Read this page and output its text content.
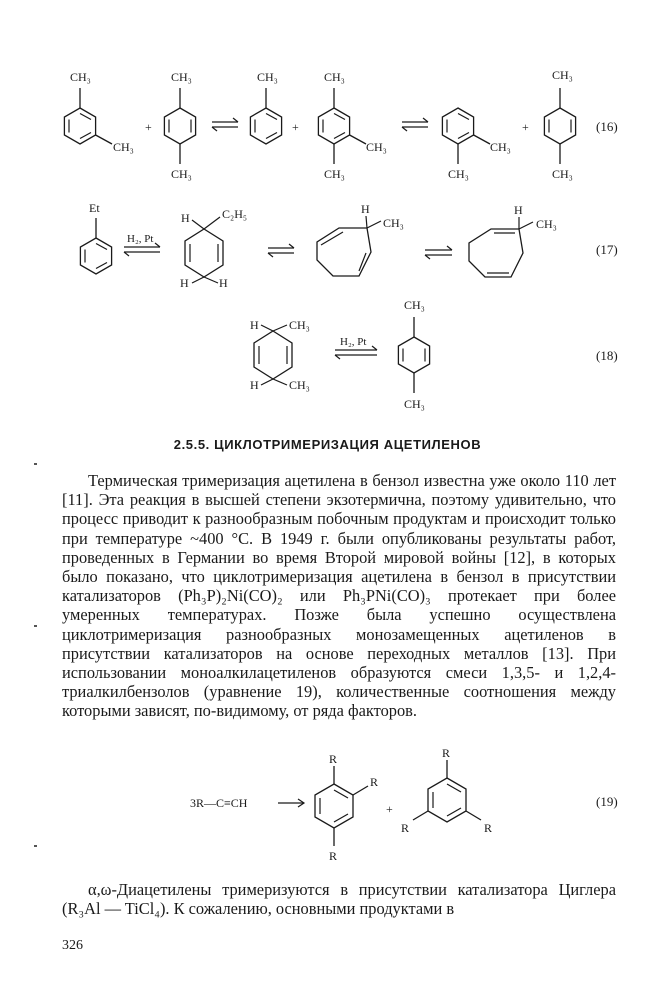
CH₃
CH₃
+
CH₃
CH₃
CH₃
+
CH₃
CH₃
CH₃
CH₃
CH₃
+
CH₃
CH₃
(16)
Et
H₂, Pt
H	C₂H₅
H	H
H
CH₃
H
CH₃
(17)
H	CH₃
H	CH₃
H₂, Pt
CH₃
CH₃
(18)
2.5.5. ЦИКЛОТРИМЕРИЗАЦИЯ АЦЕТИЛЕНОВ
Термическая тримеризация ацетилена в бензол известна уже около 110 лет [11]. Эта реакция в высшей степени экзотермична, поэтому удивительно, что процесс приводит к разнообразным побочным продуктам и происходит только при температуре ~400 °C. В 1949 г. были опубликованы результаты работ, проведенных в Германии во время Второй мировой войны [12], в которых было показано, что циклотримеризация ацетилена в бензол в присутствии катализаторов (Ph₃P)₂Ni(CO)₂ или Ph₃PNi(CO)₃ протекает при более умеренных температурах. Позже была успешно осуществлена циклотримеризация разнообразных монозамещенных ацетиленов в присутствии катализаторов на основе переходных металлов [13]. При использовании моноалкилацетиленов образуются смеси 1,3,5- и 1,2,4-триалкилбензолов (уравнение 19), количественные соотношения между которыми зависят, по-видимому, от ряда факторов.
3R—C≡CH
R
R
R
+
R
R	R
(19)
α,ω-Диацетилены тримеризуются в присутствии катализатора Циглера (R₃Al — TiCl₄). К сожалению, основными продуктами в
326
